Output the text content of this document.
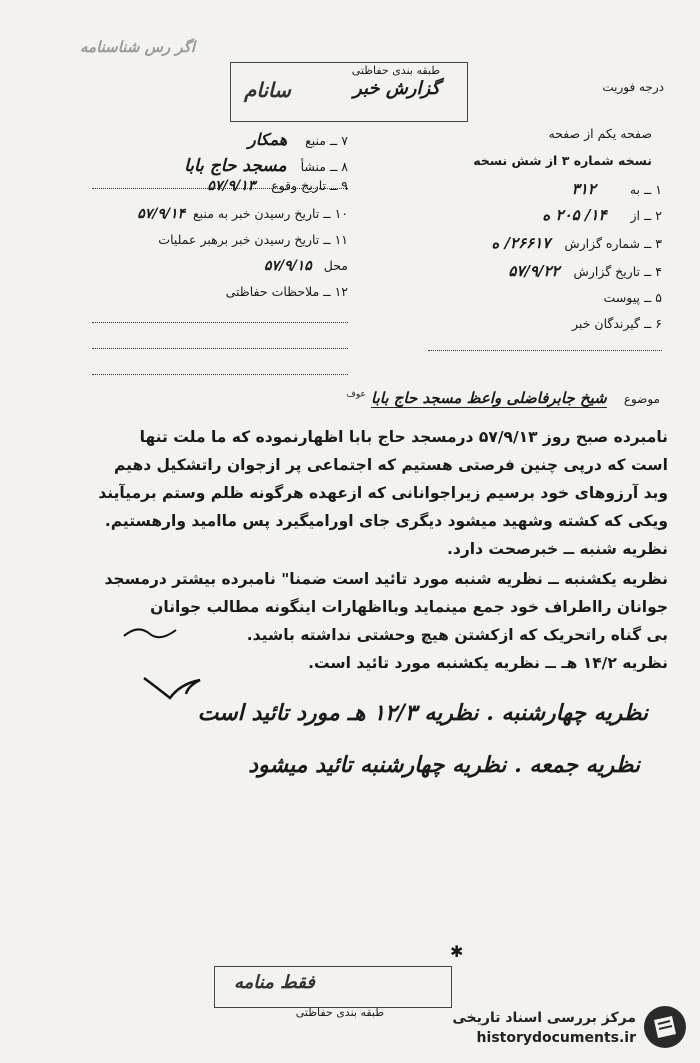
اگر رس شناسنامه
درجه فوریت
طبقه بندی حفاظتی
گزارش خبر
سانام
صفحه یکم از صفحه
نسخه شماره ۳ از شش نسخه
۷ ــ منبع همکار
۸ ــ منشأ مسجد حاج بابا
۹ ــ تاریخ وقوع ۵۷/۹/۱۳
۱۰ ــ تاریخ رسیدن خبر به منبع ۵۷/۹/۱۴
۱۱ ــ تاریخ رسیدن خبر برهبر عملیات
محل ۵۷/۹/۱۵
۱۲ ــ ملاحظات حفاظتی
۱ ــ به ۳۱۲
۲ ــ از ۱۴/ ۲۰۵ ه
۳ ــ شماره گزارش ۲۶۶۱۷/ ه
۴ ــ تاریخ گزارش ۵۷/۹/۲۲
۵ ــ پیوست
۶ ــ گیرندگان خبر
موضوع شیخ جابرفاضلی واعظ مسجد حاج بابا $^{عوف}$
نامبرده صبح روز ۵۷/۹/۱۳ درمسجد حاج بابا اظهارنموده که ما ملت تنها
است که درپی چنین فرصتی هستیم که اجتماعی پر ازجوان راتشکیل دهیم
وبد آرزوهای خود برسیم زیراجوانانی که ازعهده هرگونه ظلم وستم برمیآیند
ویکی که کشته وشهید میشود دیگری جای اورامیگیرد پس ماامید وارهستیم.
نظریه شنبه ــ خبرصحت دارد.
نظریه یکشنبه ــ نظریه شنبه مورد تائید است ضمنا" نامبرده بیشتر درمسجد
جوانان رااطراف خود جمع مینماید وبااظهارات اینگونه مطالب جوانان
بی گناه راتحریک که ازکشتن هیچ وحشتی نداشته باشید.
نظریه ۱۴/۲ هـ ــ نظریه یکشنبه مورد تائید است.
نظریه چهارشنبه . نظریه ۱۲/۳ هـ مورد تائید است
نظریه جمعه . نظریه چهارشنبه تائید میشود
✱
فقط منامه
طبقه بندی حفاظتی	مرکز بررسی اسناد تاریخی
historydocuments.ir
